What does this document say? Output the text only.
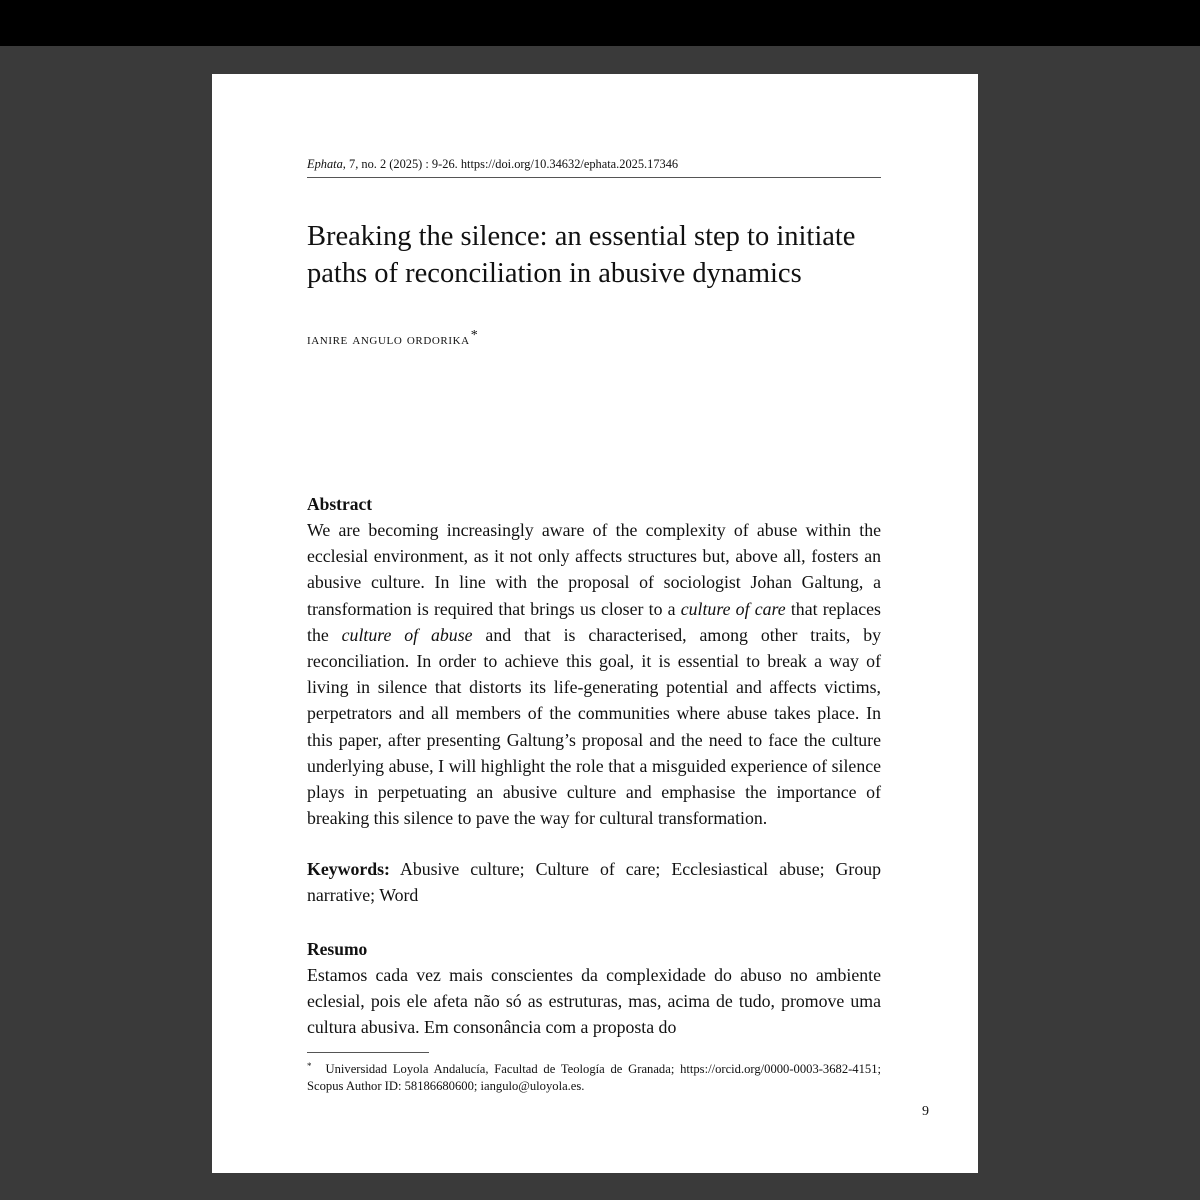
Ephata, 7, no. 2 (2025) : 9-26. https://doi.org/10.34632/ephata.2025.17346
Breaking the silence: an essential step to initiate paths of reconciliation in abusive dynamics
ianire angulo ordorika*
Abstract
We are becoming increasingly aware of the complexity of abuse within the ecclesial environment, as it not only affects structures but, above all, fosters an abusive culture. In line with the proposal of sociologist Johan Galtung, a transformation is required that brings us closer to a culture of care that replaces the culture of abuse and that is characterised, among other traits, by reconciliation. In order to achieve this goal, it is essential to break a way of living in silence that distorts its life-generating potential and affects victims, perpetrators and all members of the communities where abuse takes place. In this paper, after presenting Galtung’s proposal and the need to face the culture underlying abuse, I will highlight the role that a misguided experience of silence plays in perpetuating an abusive culture and emphasise the importance of breaking this silence to pave the way for cultural transformation.
Keywords: Abusive culture; Culture of care; Ecclesiastical abuse; Group narrative; Word
Resumo
Estamos cada vez mais conscientes da complexidade do abuso no ambiente eclesial, pois ele afeta não só as estruturas, mas, acima de tudo, promove uma cultura abusiva. Em consonância com a proposta do
* Universidad Loyola Andalucía, Facultad de Teología de Granada; https://orcid.org/0000-0003-3682-4151; Scopus Author ID: 58186680600; iangulo@uloyola.es.
9
